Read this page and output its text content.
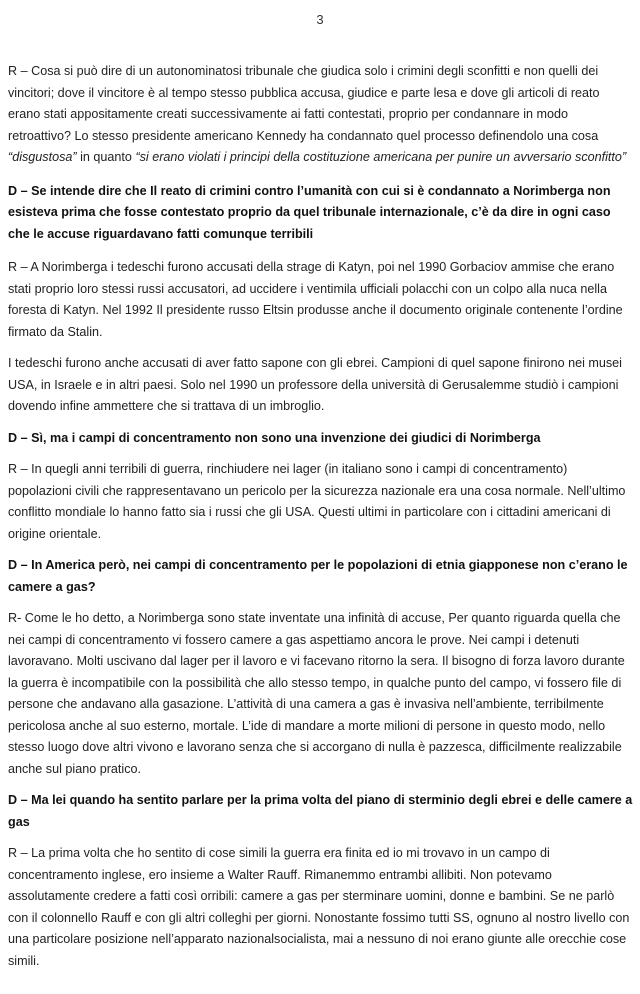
3

R – Cosa si può dire di un autonominatosi tribunale che giudica solo i crimini degli sconfitti e non quelli dei vincitori; dove il vincitore è al tempo stesso pubblica accusa, giudice e parte lesa e dove gli articoli di reato erano stati appositamente creati successivamente ai fatti contestati, proprio per condannare in modo retroattivo? Lo stesso presidente americano Kennedy ha condannato quel processo definendolo una cosa “disgustosa” in quanto “si erano violati i principi della costituzione americana per punire un avversario sconfitto”

D – Se intende dire che Il reato di crimini contro l’umanità con cui si è condannato a Norimberga non esisteva prima che fosse contestato proprio da quel tribunale internazionale, c’è da dire in ogni caso che le accuse riguardavano fatti comunque terribili

R – A Norimberga i tedeschi furono accusati della strage di Katyn, poi nel 1990 Gorbaciov ammise che erano stati proprio loro stessi russi accusatori, ad uccidere i ventimila ufficiali polacchi con un colpo alla nuca nella foresta di Katyn. Nel 1992 Il presidente russo Eltsin produsse anche il documento originale contenente l’ordine firmato da Stalin.

I tedeschi furono anche accusati di aver fatto sapone con gli ebrei. Campioni di quel sapone finirono nei musei USA, in Israele e in altri paesi. Solo nel 1990 un professore della università di Gerusalemme studiò i campioni dovendo infine ammettere che si trattava di un imbroglio.

D – Sì, ma i campi di concentramento non sono una invenzione dei giudici di Norimberga

R – In quegli anni terribili di guerra, rinchiudere nei lager (in italiano sono i campi di concentramento) popolazioni civili che rappresentavano un pericolo per la sicurezza nazionale era una cosa normale. Nell’ultimo conflitto mondiale lo hanno fatto sia i russi che gli USA. Questi ultimi in particolare con i cittadini americani di origine orientale.

D – In America però, nei campi di concentramento per le popolazioni di etnia giapponese non c’erano le camere a gas?

R- Come le ho detto, a Norimberga sono state inventate una infinità di accuse, Per quanto riguarda quella che nei campi di concentramento vi fossero camere a gas aspettiamo ancora le prove. Nei campi i detenuti lavoravano. Molti uscivano dal lager per il lavoro e vi facevano ritorno la sera. Il bisogno di forza lavoro durante la guerra è incompatibile con la possibilità che allo stesso tempo, in qualche punto del campo, vi fossero file di persone che andavano alla gasazione. L’attività di una camera a gas è invasiva nell’ambiente, terribilmente pericolosa anche al suo esterno, mortale. L’ide di mandare a morte milioni di persone in questo modo, nello stesso luogo dove altri vivono e lavorano senza che si accorgano di nulla è pazzesca, difficilmente realizzabile anche sul piano pratico.

D – Ma lei quando ha sentito parlare per la prima volta del piano di sterminio degli ebrei e delle camere a gas

R – La prima volta che ho sentito di cose simili la guerra era finita ed io mi trovavo in un campo di concentramento inglese, ero insieme a Walter Rauff. Rimanemmo entrambi allibiti. Non potevamo assolutamente credere a fatti così orribili: camere a gas per sterminare uomini, donne e bambini. Se ne parlò con il colonnello Rauff e con gli altri colleghi per giorni. Nonostante fossimo tutti SS, ognuno al nostro livello con una particolare posizione nell’apparato nazionalsocialista, mai a nessuno di noi erano giunte alle orecchie cose simili.
